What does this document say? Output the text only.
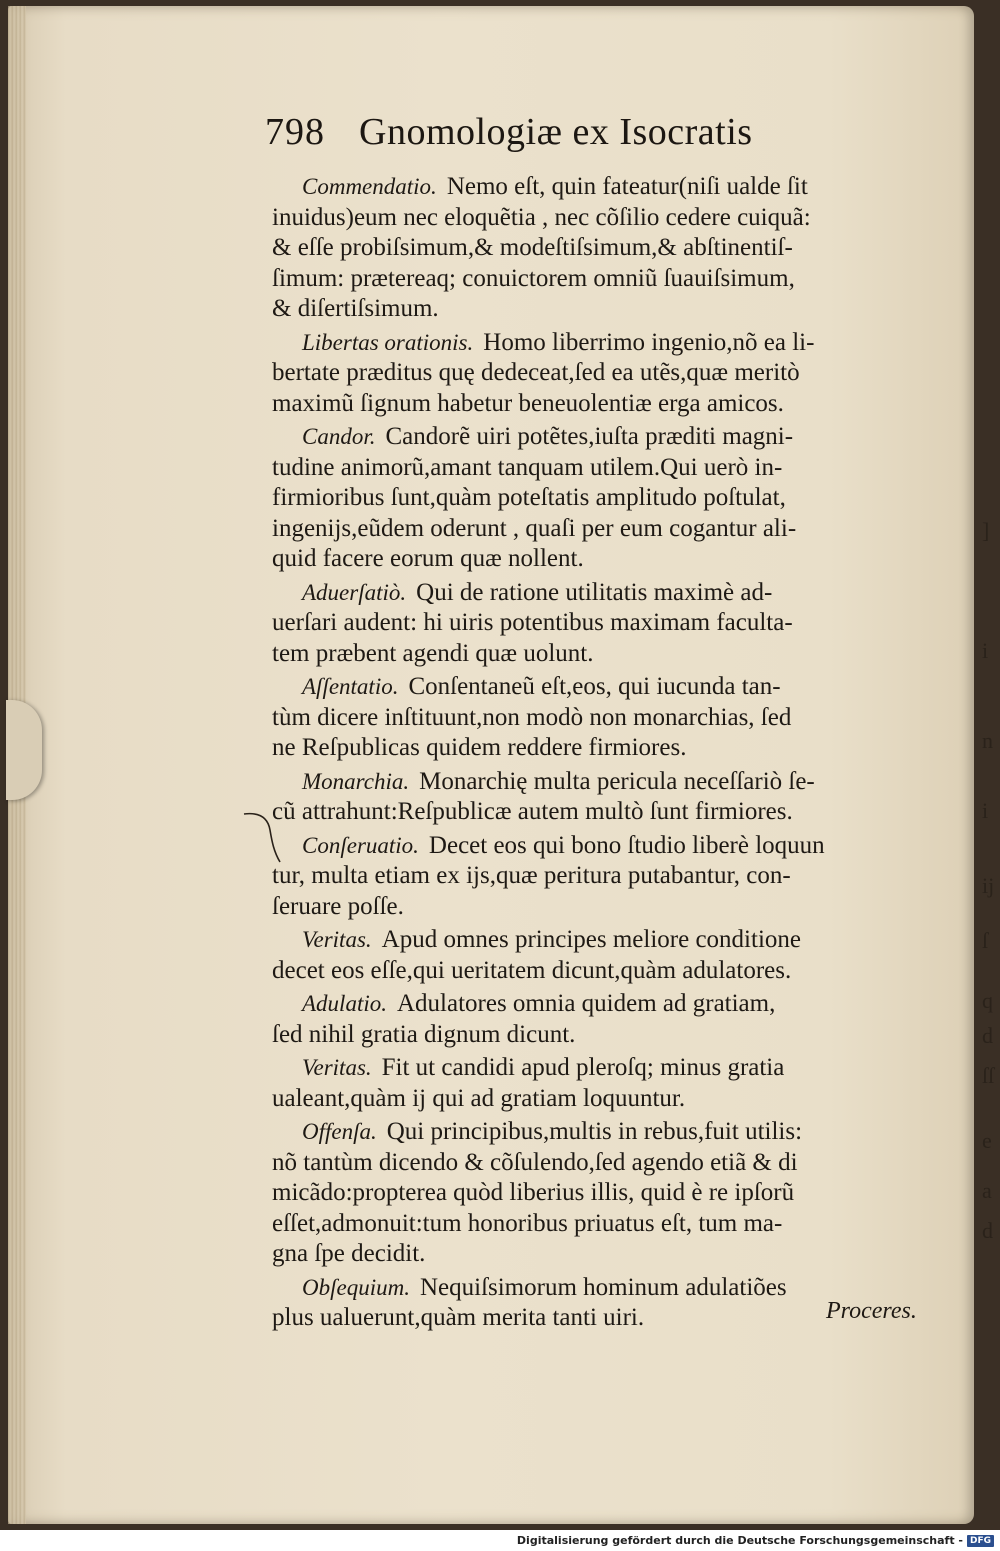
]
i
n
i
ij
ſ
q
d
ſſ
e
a
d
798 Gnomologiæ ex Isocratis
Commendatio. Nemo eſt, quin fateatur(niſi ualde ſit
inuidus)eum nec eloquẽtia , nec cõſilio cedere cuiquã:
& eſſe probiſsimum,& modeſtiſsimum,& abſtinentiſ-
ſimum: prætereaq; conuictorem omniũ ſuauiſsimum,
& diſertiſsimum.
Libertas orationis. Homo liberrimo ingenio,nõ ea li-
bertate præditus quę dedeceat,ſed ea utẽs,quæ meritò
maximũ ſignum habetur beneuolentiæ erga amicos.
Candor. Candorẽ uiri potẽtes,iuſta præditi magni-
tudine animorũ,amant tanquam utilem.Qui uerò in-
firmioribus ſunt,quàm poteſtatis amplitudo poſtulat,
ingenijs,eũdem oderunt , quaſi per eum cogantur ali-
quid facere eorum quæ nollent.
Aduerſatiò. Qui de ratione utilitatis maximè ad-
uerſari audent: hi uiris potentibus maximam faculta-
tem præbent agendi quæ uolunt.
Aſſentatio. Conſentaneũ eſt,eos, qui iucunda tan-
tùm dicere inſtituunt,non modò non monarchias, ſed
ne Reſpublicas quidem reddere firmiores.
Monarchia. Monarchię multa pericula neceſſariò ſe-
cũ attrahunt:Reſpublicæ autem multò ſunt firmiores.
Conſeruatio. Decet eos qui bono ſtudio liberè loquun
tur, multa etiam ex ijs,quæ peritura putabantur, con-
ſeruare poſſe.
Veritas. Apud omnes principes meliore conditione
decet eos eſſe,qui ueritatem dicunt,quàm adulatores.
Adulatio. Adulatores omnia quidem ad gratiam,
ſed nihil gratia dignum dicunt.
Veritas. Fit ut candidi apud pleroſq; minus gratia
ualeant,quàm ij qui ad gratiam loquuntur.
Offenſa. Qui principibus,multis in rebus,fuit utilis:
nõ tantùm dicendo & cõſulendo,ſed agendo etiã & di
micãdo:propterea quòd liberius illis, quid è re ipſorũ
eſſet,admonuit:tum honoribus priuatus eſt, tum ma-
gna ſpe decidit.
Obſequium. Nequiſsimorum hominum adulatiões
plus ualuerunt,quàm merita tanti uiri.	Proceres.
Digitalisierung gefördert durch die Deutsche Forschungsgemeinschaft - DFG
